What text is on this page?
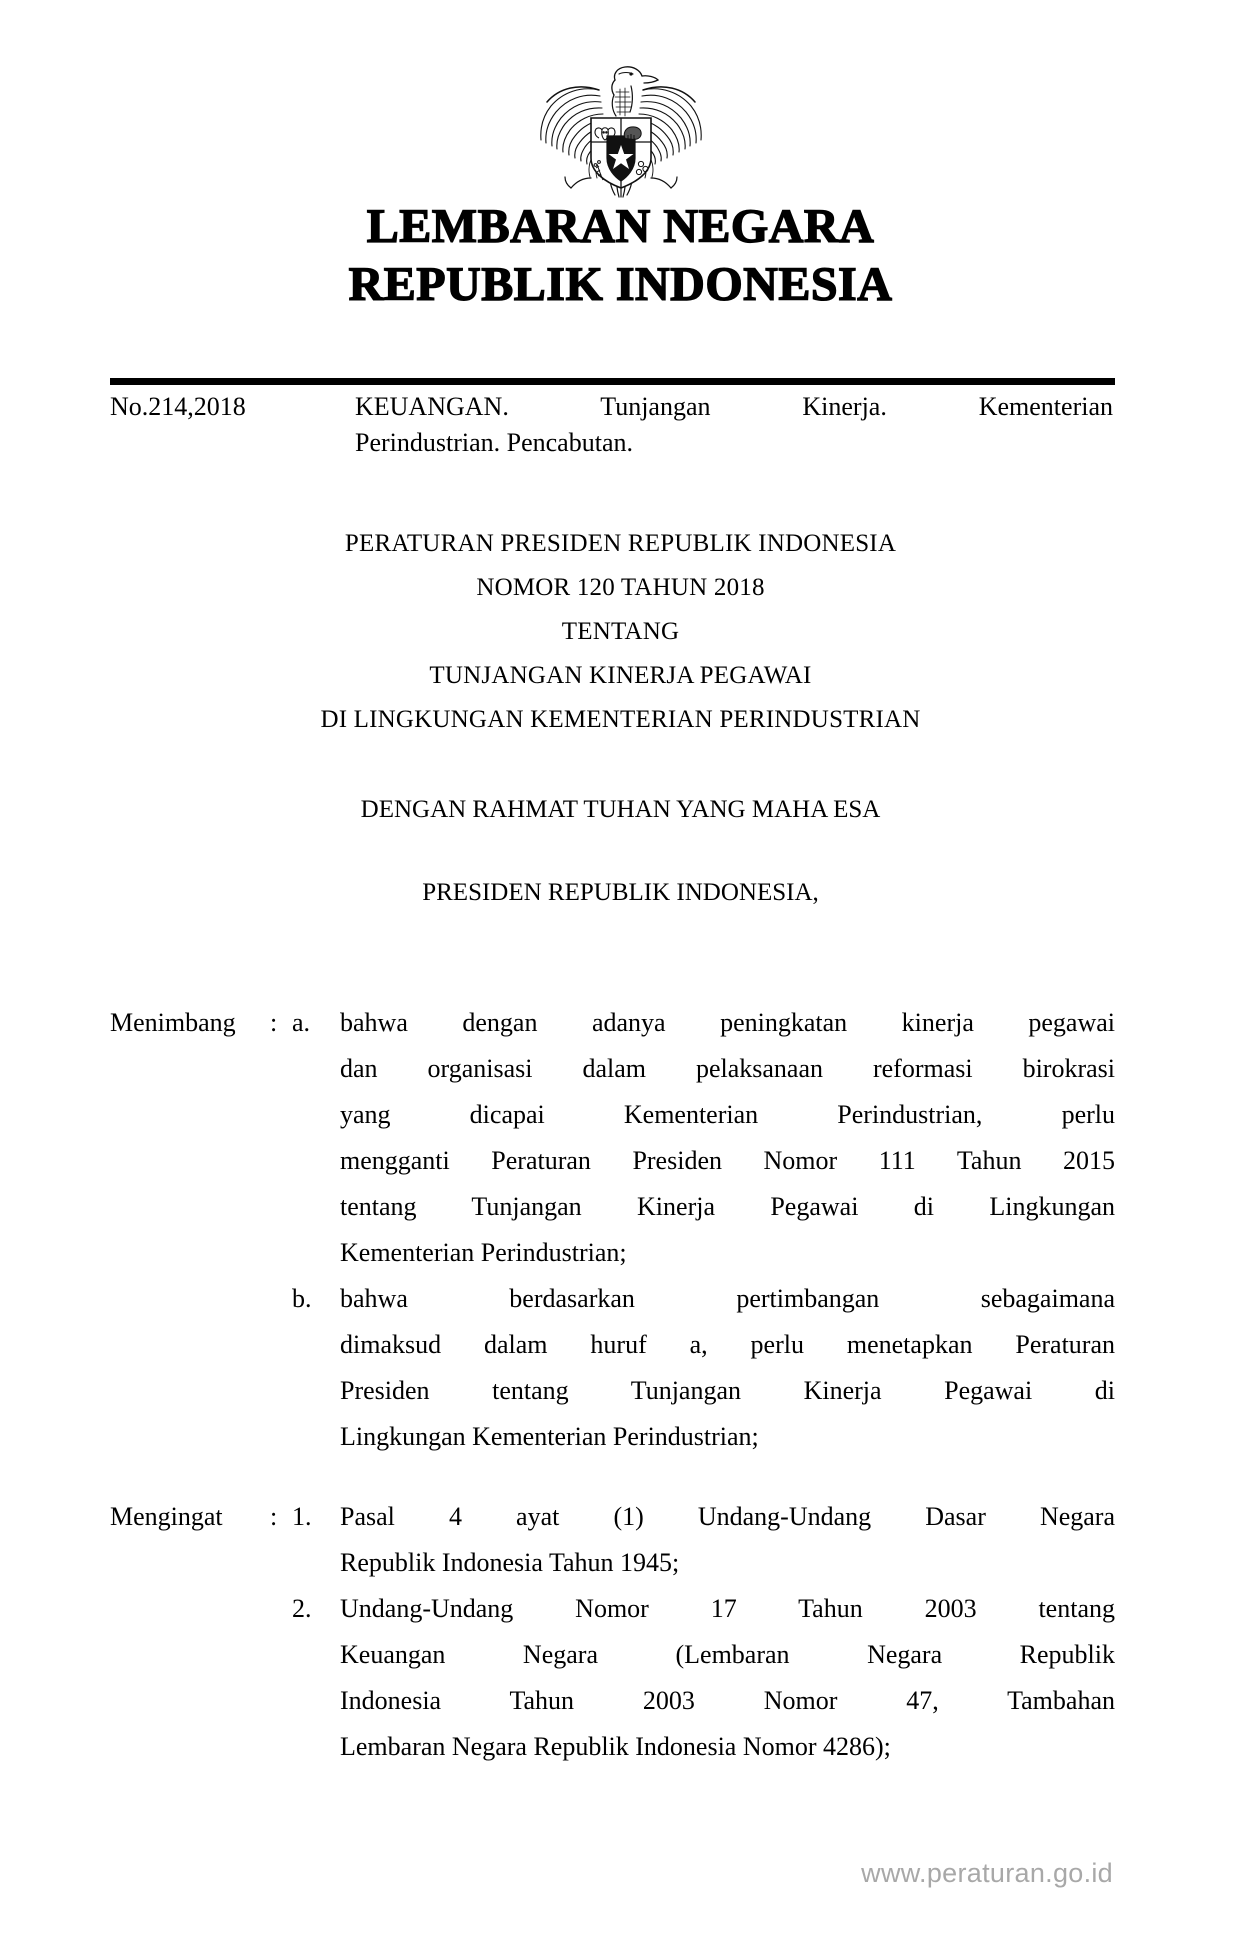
LEMBARAN NEGARA
REPUBLIK INDONESIA
No.214,2018	KEUANGAN. Tunjangan Kinerja. Kementerian
Perindustrian. Pencabutan.
PERATURAN PRESIDEN REPUBLIK INDONESIA
NOMOR 120 TAHUN 2018
TENTANG
TUNJANGAN KINERJA PEGAWAI
DI LINGKUNGAN KEMENTERIAN PERINDUSTRIAN
DENGAN RAHMAT TUHAN YANG MAHA ESA
PRESIDEN REPUBLIK INDONESIA,
Menimbang	: a.	bahwa dengan adanya peningkatan kinerja pegawai
dan organisasi dalam pelaksanaan reformasi birokrasi
yang dicapai Kementerian Perindustrian, perlu
mengganti Peraturan Presiden Nomor 111 Tahun 2015
tentang Tunjangan Kinerja Pegawai di Lingkungan
Kementerian Perindustrian;
b.	bahwa berdasarkan pertimbangan sebagaimana
dimaksud dalam huruf a, perlu menetapkan Peraturan
Presiden tentang Tunjangan Kinerja Pegawai di
Lingkungan Kementerian Perindustrian;
Mengingat	: 1.	Pasal 4 ayat (1) Undang-Undang Dasar Negara
Republik Indonesia Tahun 1945;
2.	Undang-Undang Nomor 17 Tahun 2003 tentang
Keuangan Negara (Lembaran Negara Republik
Indonesia Tahun 2003 Nomor 47, Tambahan
Lembaran Negara Republik Indonesia Nomor 4286);
www.peraturan.go.id
